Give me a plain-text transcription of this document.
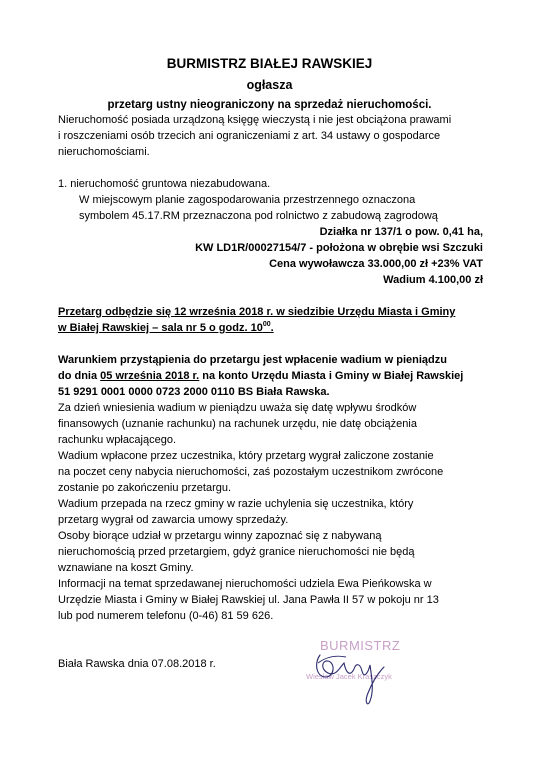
BURMISTRZ BIAŁEJ RAWSKIEJ
ogłasza
przetarg ustny nieograniczony na sprzedaż nieruchomości.
Nieruchomość posiada urządzoną księgę wieczystą i nie jest obciążona prawami
i roszczeniami osób trzecich ani ograniczeniami z art. 34 ustawy o gospodarce
nieruchomościami.
1. nieruchomość gruntowa niezabudowana.
W miejscowym planie zagospodarowania przestrzennego oznaczona
symbolem 45.17.RM przeznaczona pod rolnictwo z zabudową zagrodową
Działka nr 137/1 o pow. 0,41 ha,
KW LD1R/00027154/7 - położona w obrębie wsi Szczuki
Cena wywoławcza 33.000,00 zł +23% VAT
Wadium 4.100,00 zł
Przetarg odbędzie się 12 września 2018 r. w siedzibie Urzędu Miasta i Gminy
w Białej Rawskiej – sala nr 5 o godz. $10^{00}$.
Warunkiem przystąpienia do przetargu jest wpłacenie wadium w pieniądzu
do dnia 05 września 2018 r. na konto Urzędu Miasta i Gminy w Białej Rawskiej
51 9291 0001 0000 0723 2000 0110 BS Biała Rawska.
Za dzień wniesienia wadium w pieniądzu uważa się datę wpływu środków
finansowych (uznanie rachunku) na rachunek urzędu, nie datę obciążenia
rachunku wpłacającego.
Wadium wpłacone przez uczestnika, który przetarg wygrał zaliczone zostanie
na poczet ceny nabycia nieruchomości, zaś pozostałym uczestnikom zwrócone
zostanie po zakończeniu przetargu.
Wadium przepada na rzecz gminy w razie uchylenia się uczestnika, który
przetarg wygrał od zawarcia umowy sprzedaży.
Osoby biorące udział w przetargu winny zapoznać się z nabywaną
nieruchomością przed przetargiem, gdyż granice nieruchomości nie będą
wznawiane na koszt Gminy.
Informacji na temat sprzedawanej nieruchomości udziela Ewa Pieńkowska w
Urzędzie Miasta i Gminy w Białej Rawskiej ul. Jana Pawła II 57 w pokoju nr 13
lub pod numerem telefonu (0-46) 81 59 626.
Biała Rawska dnia 07.08.2018 r.
BURMISTRZ
Wiesław Jacek Kraszczyk
